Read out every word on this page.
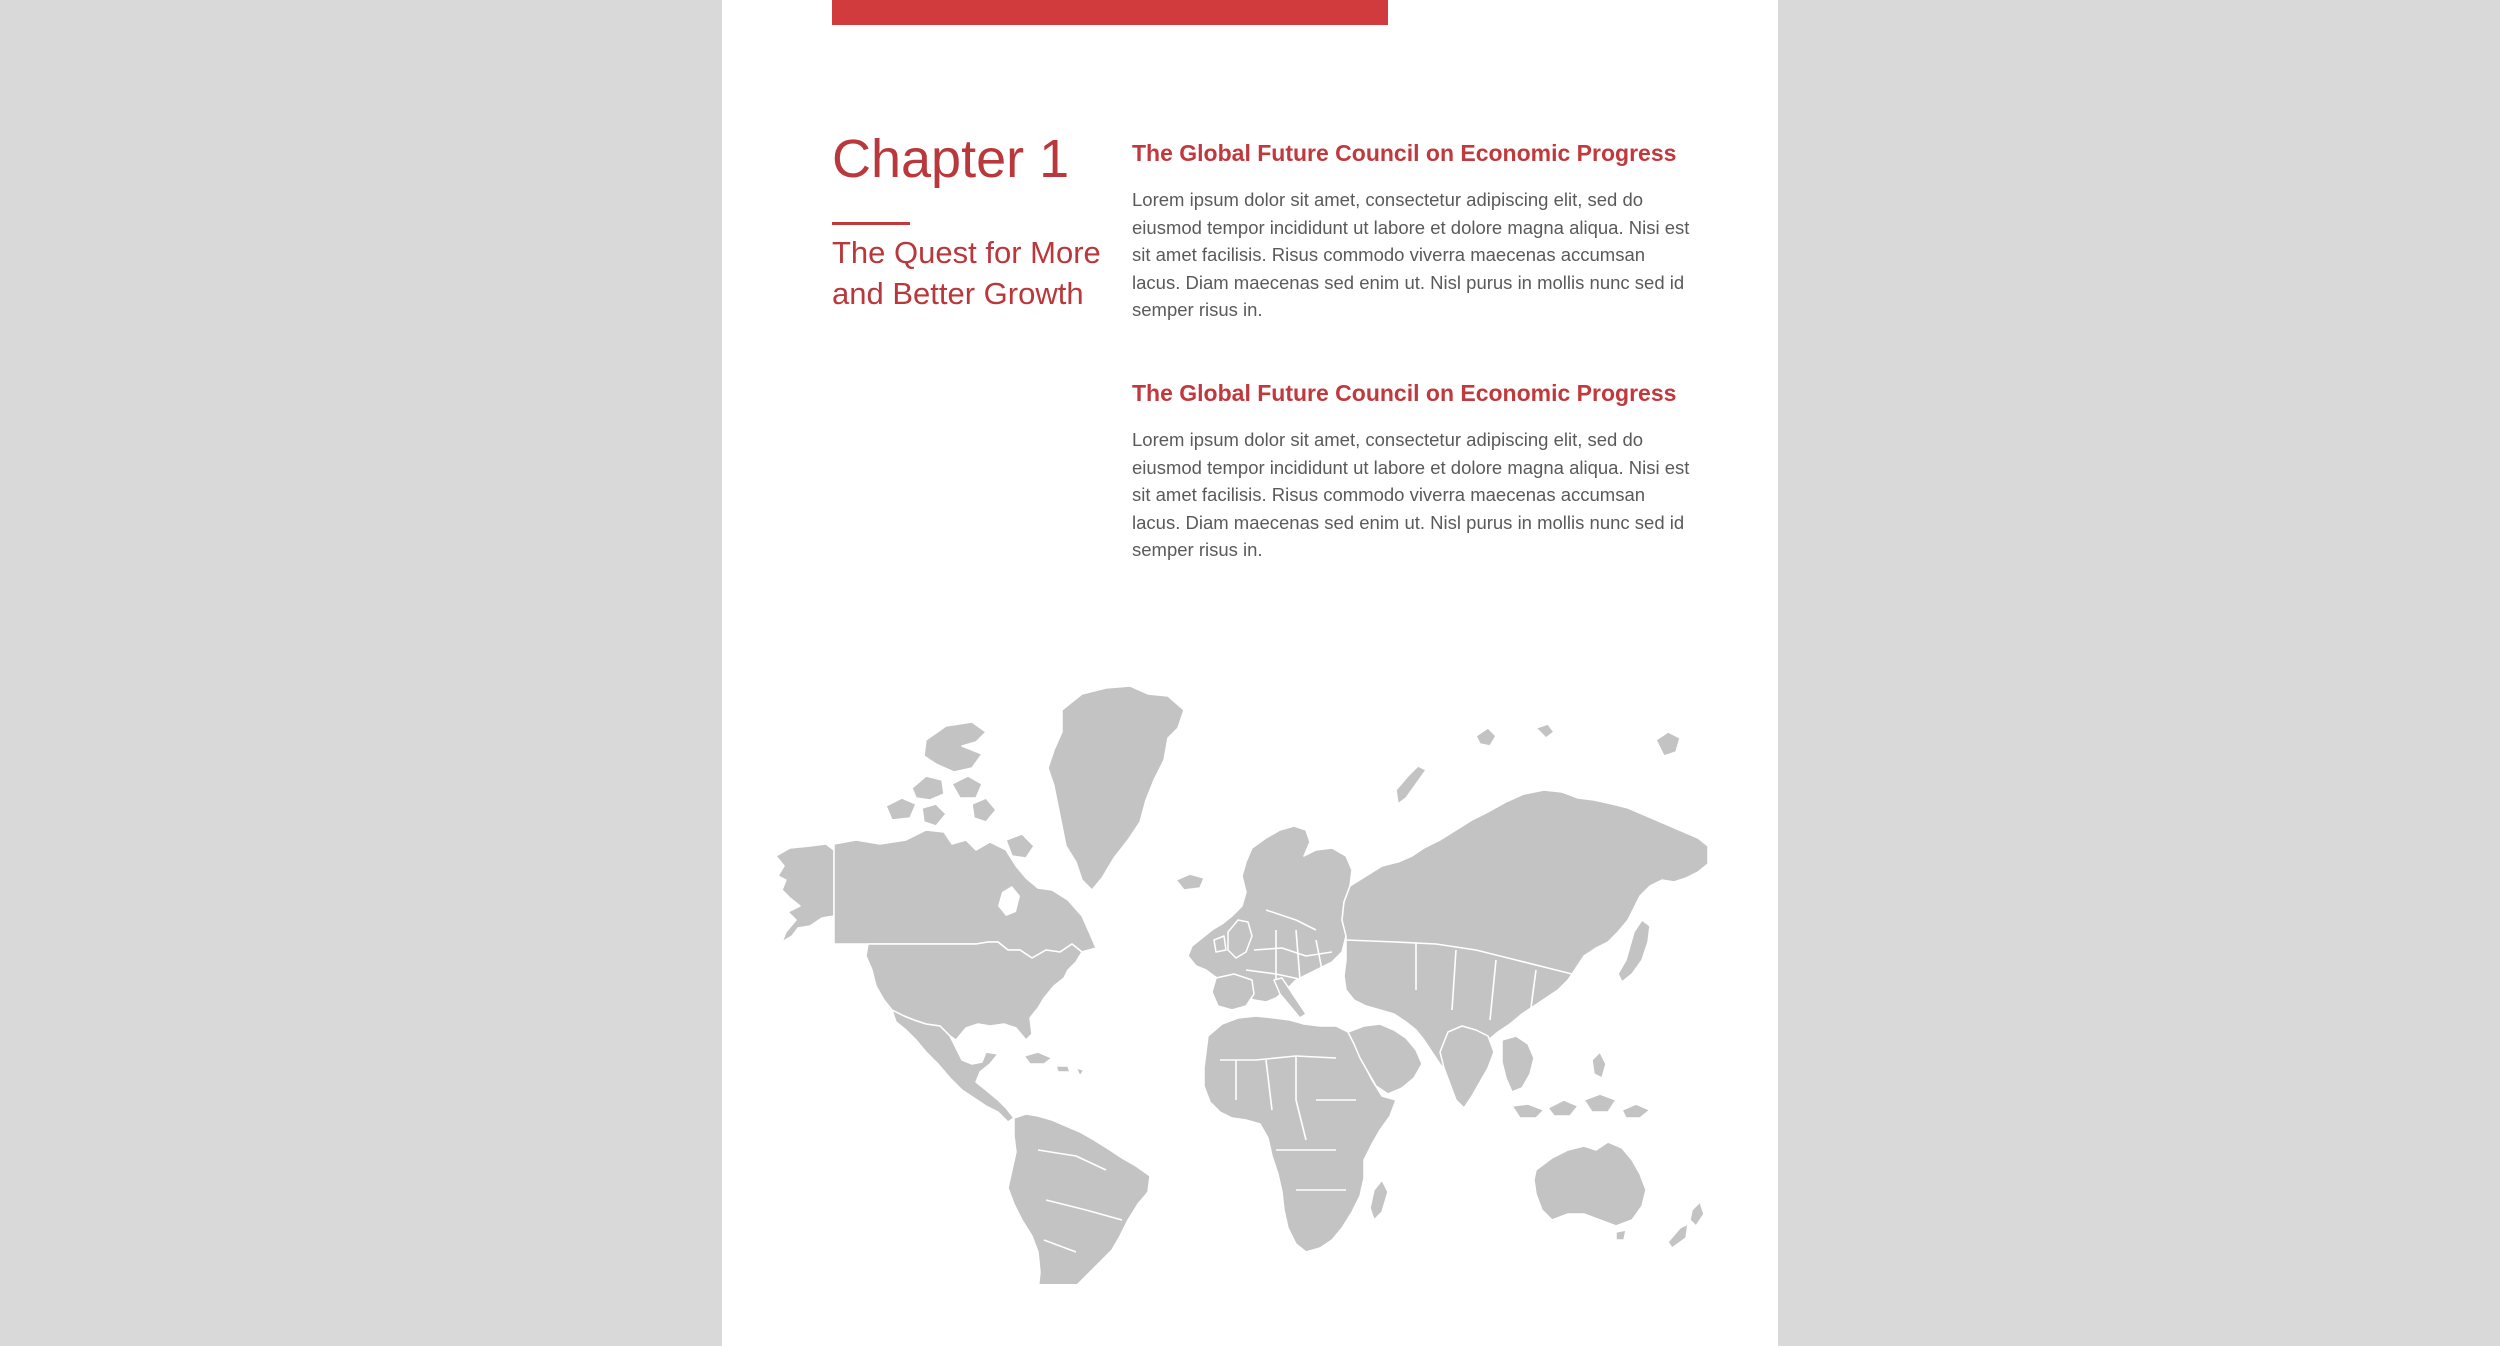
Chapter 1
The Quest for More and Better Growth
The Global Future Council on Economic Progress

Lorem ipsum dolor sit amet, consectetur adipiscing elit, sed do eiusmod tempor incididunt ut labore et dolore magna aliqua. Nisi est sit amet facilisis. Risus commodo viverra maecenas accumsan lacus. Diam maecenas sed enim ut. Nisl purus in mollis nunc sed id semper risus in.

The Global Future Council on Economic Progress

Lorem ipsum dolor sit amet, consectetur adipiscing elit, sed do eiusmod tempor incididunt ut labore et dolore magna aliqua. Nisi est sit amet facilisis. Risus commodo viverra maecenas accumsan lacus. Diam maecenas sed enim ut. Nisl purus in mollis nunc sed id semper risus in.
